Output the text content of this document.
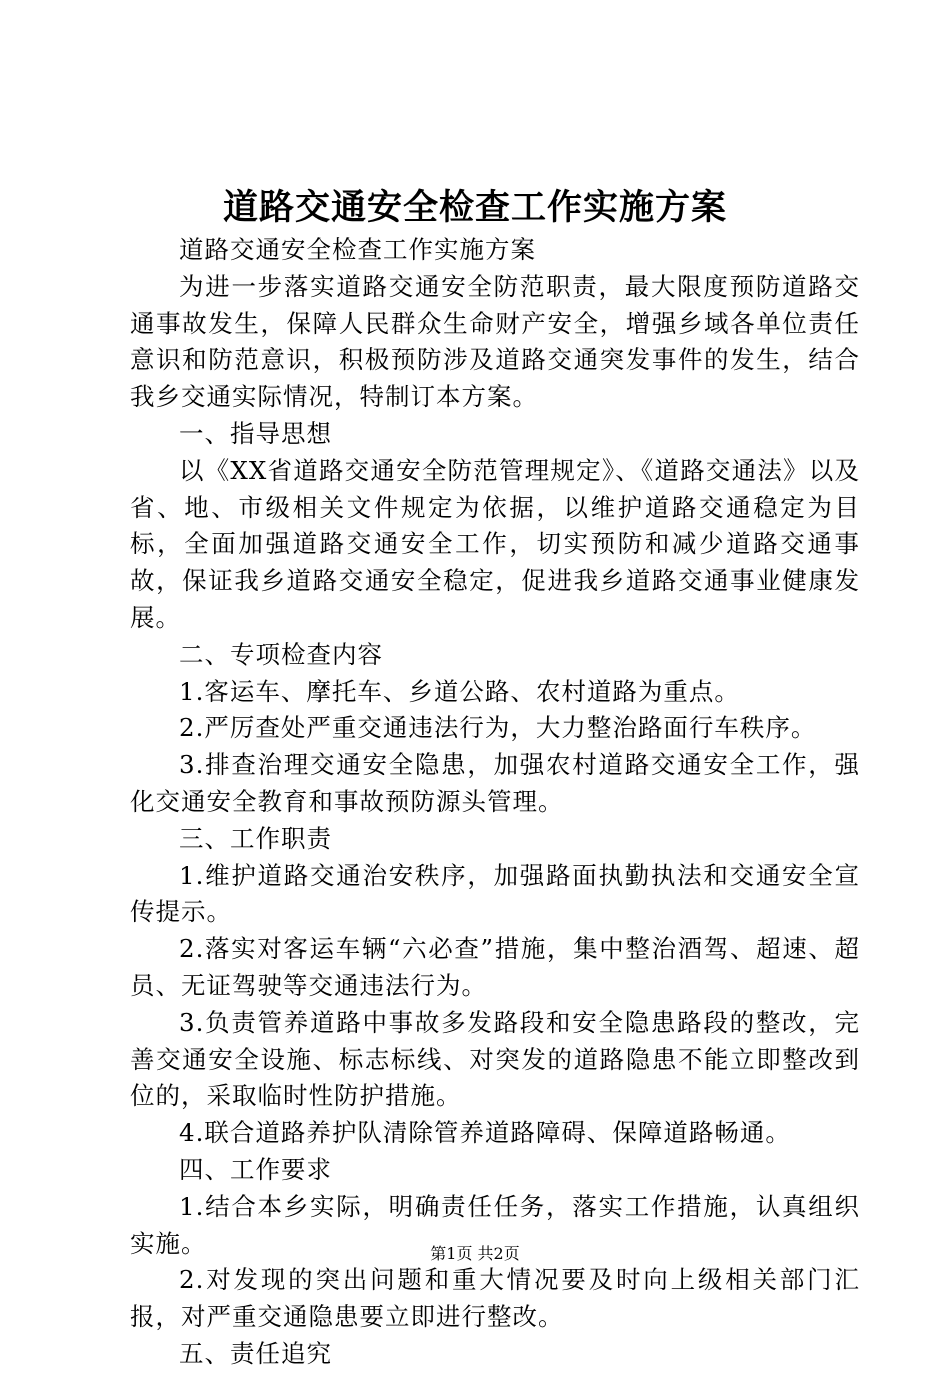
道路交通安全检查工作实施方案

道路交通安全检查工作实施方案

为进一步落实道路交通安全防范职责，最大限度预防道路交通事故发生，保障人民群众生命财产安全，增强乡域各单位责任意识和防范意识，积极预防涉及道路交通突发事件的发生，结合我乡交通实际情况，特制订本方案。

一、指导思想

以《XX省道路交通安全防范管理规定》、《道路交通法》以及省、地、市级相关文件规定为依据，以维护道路交通稳定为目标，全面加强道路交通安全工作，切实预防和减少道路交通事故，保证我乡道路交通安全稳定，促进我乡道路交通事业健康发展。

二、专项检查内容

1.客运车、摩托车、乡道公路、农村道路为重点。

2.严厉查处严重交通违法行为，大力整治路面行车秩序。

3.排查治理交通安全隐患，加强农村道路交通安全工作，强化交通安全教育和事故预防源头管理。

三、工作职责

1.维护道路交通治安秩序，加强路面执勤执法和交通安全宣传提示。

2.落实对客运车辆“六必查”措施，集中整治酒驾、超速、超员、无证驾驶等交通违法行为。

3.负责管养道路中事故多发路段和安全隐患路段的整改，完善交通安全设施、标志标线、对突发的道路隐患不能立即整改到位的，采取临时性防护措施。

4.联合道路养护队清除管养道路障碍、保障道路畅通。

四、工作要求

1.结合本乡实际，明确责任任务，落实工作措施，认真组织实施。

2.对发现的突出问题和重大情况要及时向上级相关部门汇报，对严重交通隐患要立即进行整改。

五、责任追究

第1页 共2页
